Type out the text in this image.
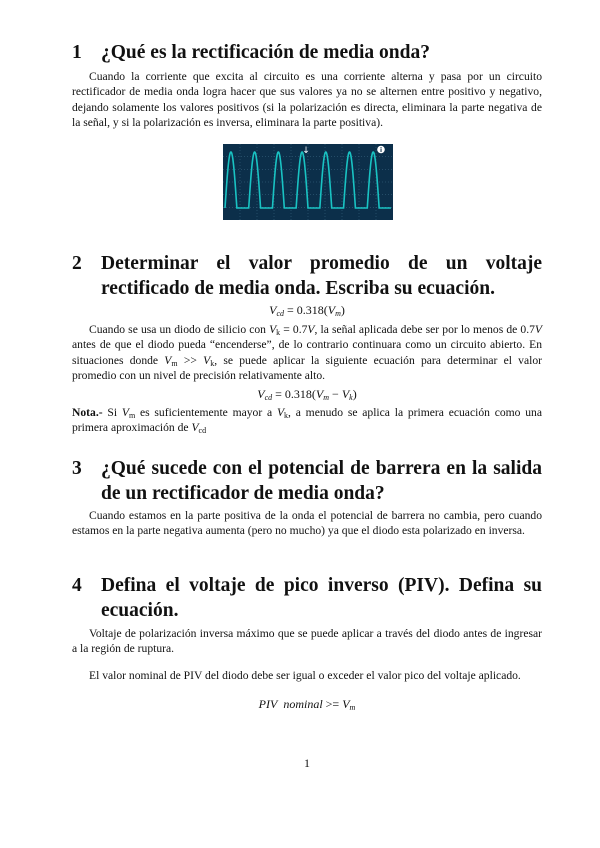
1 ¿Qué es la rectificación de media onda?

Cuando la corriente que excita al circuito es una corriente alterna y pasa por un circuito rectificador de media onda logra hacer que sus valores ya no se alternen entre positivo y negativo, dejando solamente los valores positivos (si la polarización es directa, eliminara la parte negativa de la señal, y si la polarización es inversa, eliminara la parte positiva).

↓	i
2 Determinar el valor promedio de un voltaje rectificado de media onda. Escriba su ecuación.
$V_{cd} = 0.318(V_m)$

Cuando se usa un diodo de silicio con $V_k = 0.7V$, la señal aplicada debe ser por lo menos de 0.7V antes de que el diodo pueda “encenderse”, de lo contrario continuara como un circuito abierto. En situaciones donde $V_m >> V_k$, se puede aplicar la siguiente ecuación para determinar el valor promedio con un nivel de precisión relativamente alto.

$V_{cd} = 0.318(V_m - V_k)$

Nota.- Si $V_m$ es suficientemente mayor a $V_k$, a menudo se aplica la primera ecuación como una primera aproximación de $V_{cd}$

3 ¿Qué sucede con el potencial de barrera en la salida de un rectificador de media onda?

Cuando estamos en la parte positiva de la onda el potencial de barrera no cambia, pero cuando estamos en la parte negativa aumenta (pero no mucho) ya que el diodo esta polarizado en inversa.

4 Defina el voltaje de pico inverso (PIV). Defina su ecuación.

Voltaje de polarización inversa máximo que se puede aplicar a través del diodo antes de ingresar a la región de ruptura.

El valor nominal de PIV del diodo debe ser igual o exceder el valor pico del voltaje aplicado.

PIV nominal >= $V_m$
1
